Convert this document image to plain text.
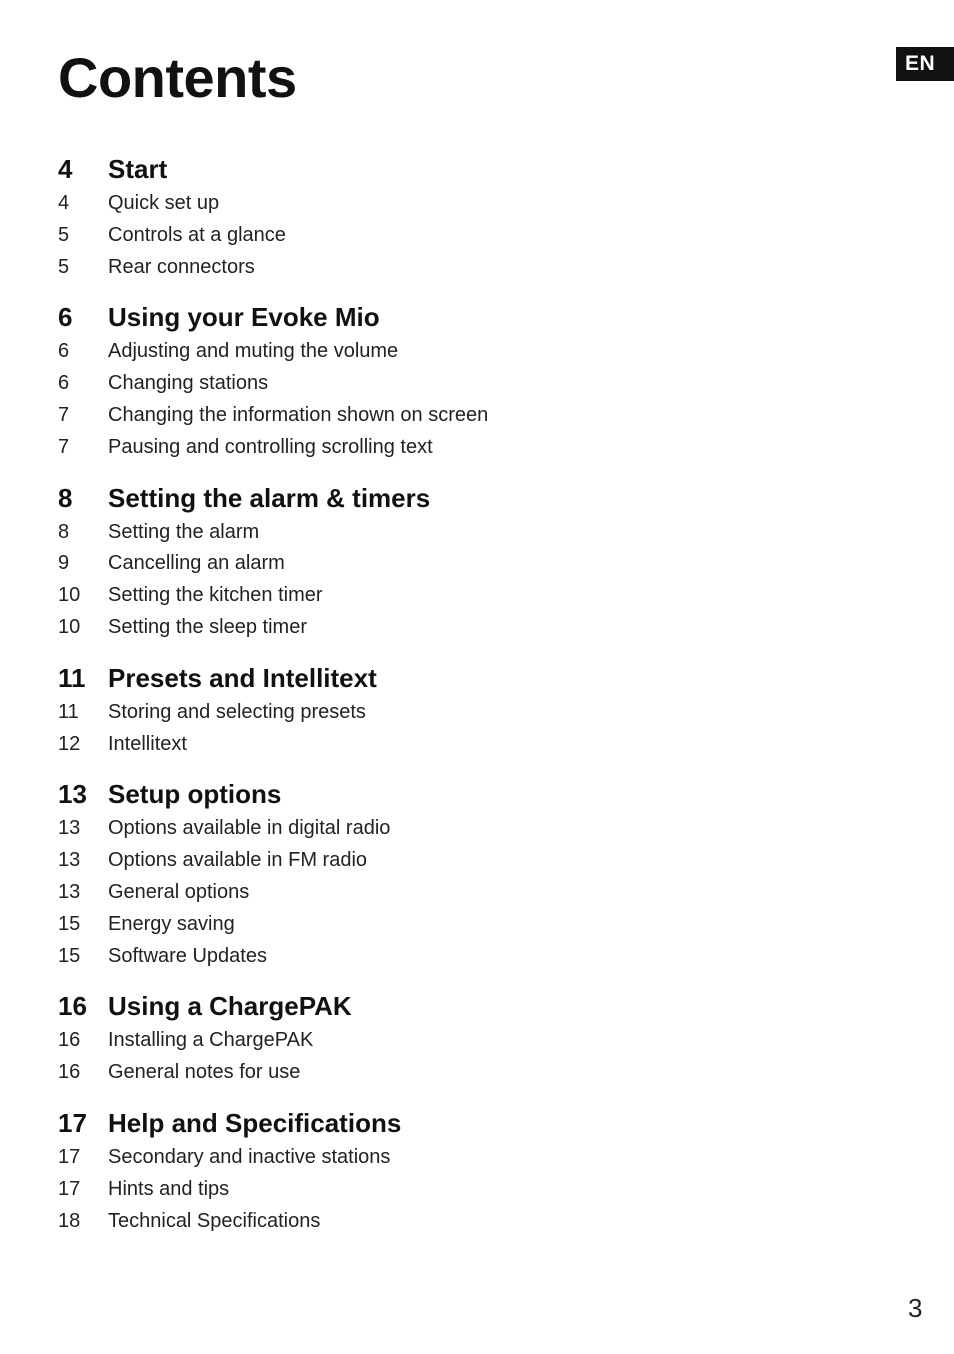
Contents	EN
4	Start
4	Quick set up
5	Controls at a glance
5	Rear connectors
6	Using your Evoke Mio
6	Adjusting and muting the volume
6	Changing stations
7	Changing the information shown on screen
7	Pausing and controlling scrolling text
8	Setting the alarm & timers
8	Setting the alarm
9	Cancelling an alarm
10	Setting the kitchen timer
10	Setting the sleep timer
11 Presets and Intellitext
11	Storing and selecting presets
12	Intellitext
13 Setup options
13	Options available in digital radio
13	Options available in FM radio
13	General options
15	Energy saving
15	Software Updates
16 Using a ChargePAK
16	Installing a ChargePAK
16	General notes for use
17 Help and Specifications
17	Secondary and inactive stations
17	Hints and tips
18	Technical Specifications
3
